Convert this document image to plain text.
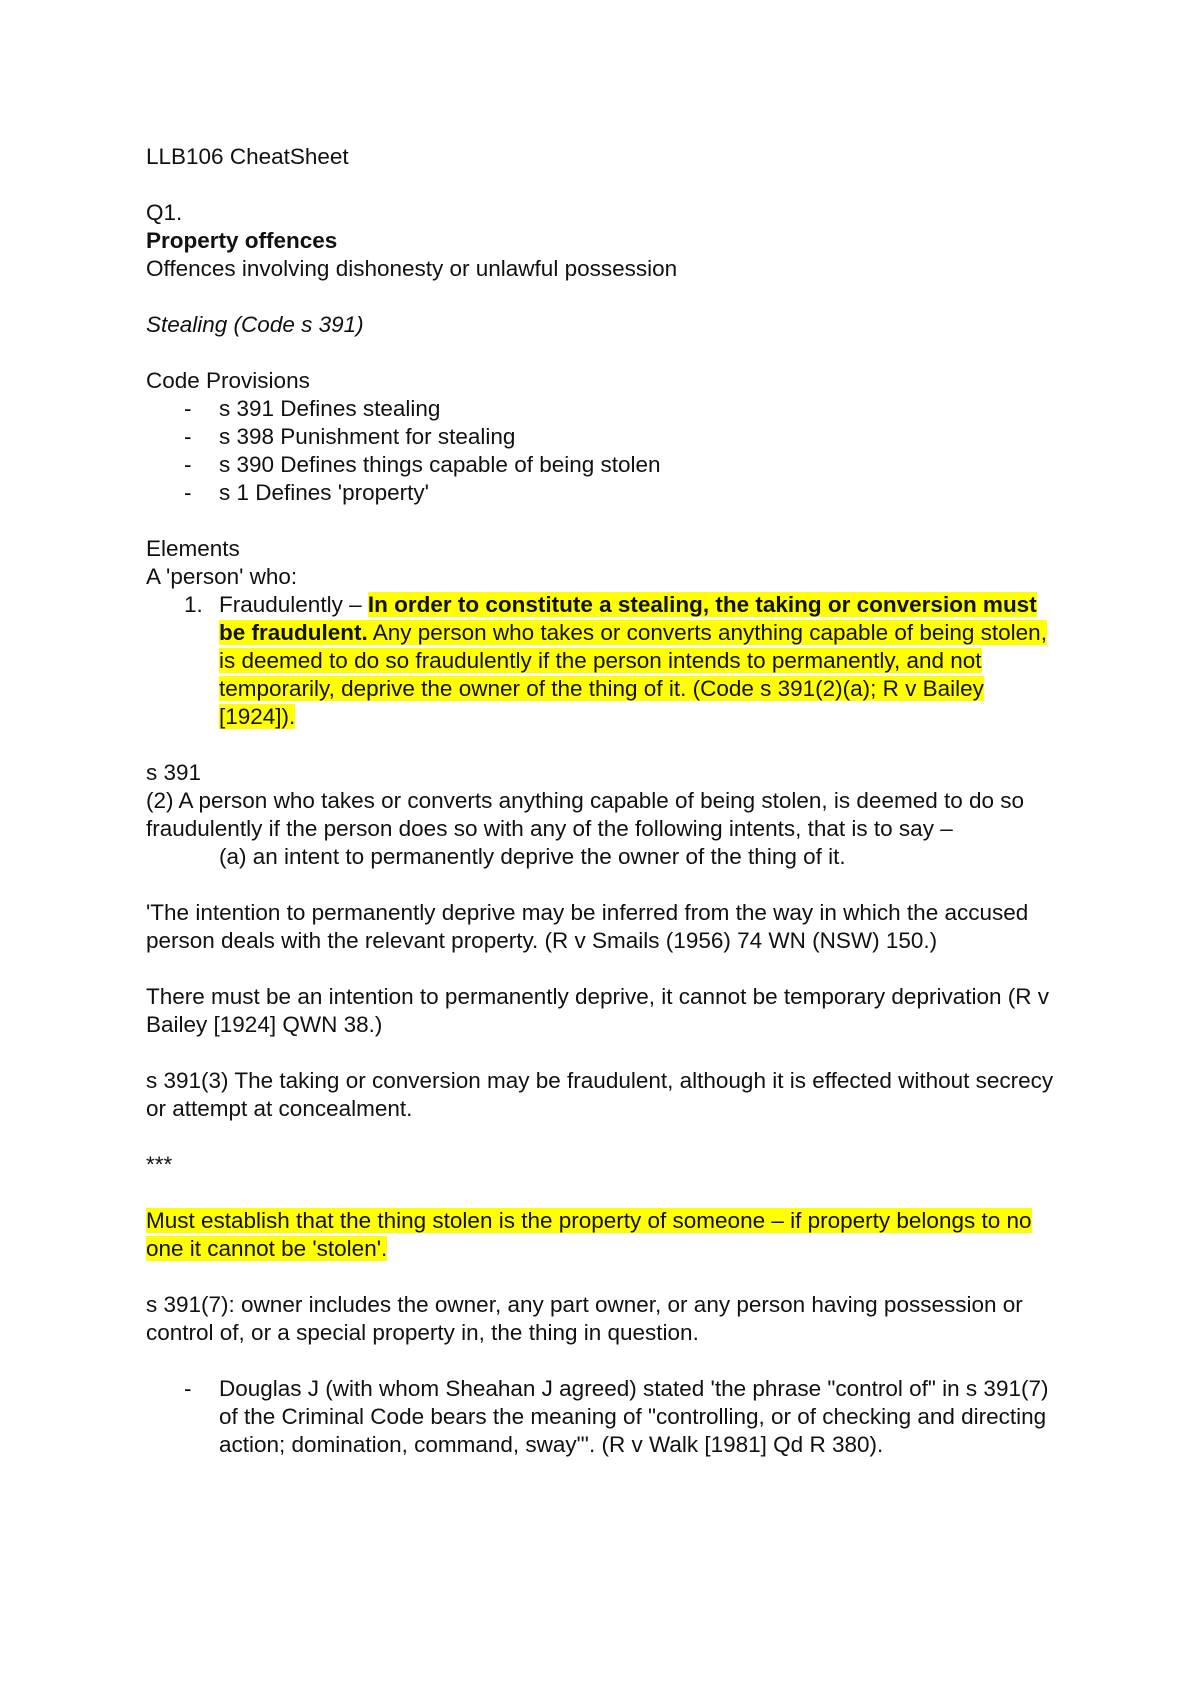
LLB106 CheatSheet

Q1.

Property offences

Offences involving dishonesty or unlawful possession

Stealing (Code s 391)

Code Provisions

- s 391 Defines stealing
- s 398 Punishment for stealing
- s 390 Defines things capable of being stolen
- s 1 Defines 'property'

Elements

A 'person' who:

1. Fraudulently – In order to constitute a stealing, the taking or conversion must be fraudulent. Any person who takes or converts anything capable of being stolen, is deemed to do so fraudulently if the person intends to permanently, and not temporarily, deprive the owner of the thing of it. (Code s 391(2)(a); R v Bailey [1924]).

s 391

(2) A person who takes or converts anything capable of being stolen, is deemed to do so fraudulently if the person does so with any of the following intents, that is to say –

(a) an intent to permanently deprive the owner of the thing of it.

'The intention to permanently deprive may be inferred from the way in which the accused person deals with the relevant property. (R v Smails (1956) 74 WN (NSW) 150.)

There must be an intention to permanently deprive, it cannot be temporary deprivation (R v Bailey [1924] QWN 38.)

s 391(3) The taking or conversion may be fraudulent, although it is effected without secrecy or attempt at concealment.

***

Must establish that the thing stolen is the property of someone – if property belongs to no one it cannot be 'stolen'.

s 391(7): owner includes the owner, any part owner, or any person having possession or control of, or a special property in, the thing in question.

- Douglas J (with whom Sheahan J agreed) stated 'the phrase "control of" in s 391(7) of the Criminal Code bears the meaning of "controlling, or of checking and directing action; domination, command, sway"'. (R v Walk [1981] Qd R 380).
